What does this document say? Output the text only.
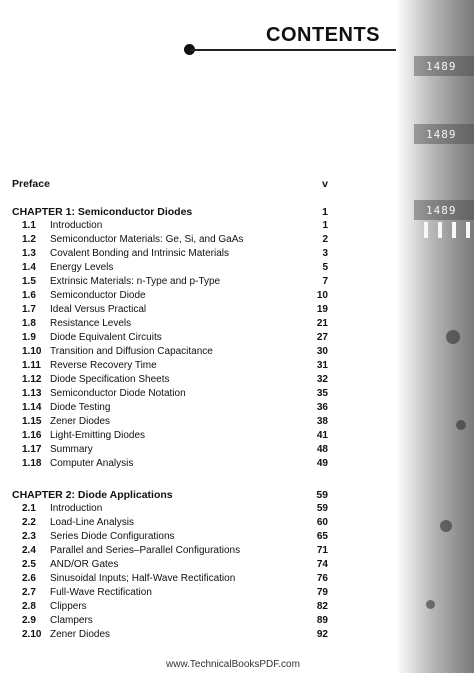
1489
1489
1489
CONTENTS
Preface	v
CHAPTER 1: Semiconductor Diodes	1
1.1	Introduction	1
1.2	Semiconductor Materials: Ge, Si, and GaAs	2
1.3	Covalent Bonding and Intrinsic Materials	3
1.4	Energy Levels	5
1.5	Extrinsic Materials: n-Type and p-Type	7
1.6	Semiconductor Diode	10
1.7	Ideal Versus Practical	19
1.8	Resistance Levels	21
1.9	Diode Equivalent Circuits	27
1.10 Transition and Diffusion Capacitance	30
1.11 Reverse Recovery Time	31
1.12 Diode Specification Sheets	32
1.13 Semiconductor Diode Notation	35
1.14 Diode Testing	36
1.15 Zener Diodes	38
1.16 Light-Emitting Diodes	41
1.17 Summary	48
1.18 Computer Analysis	49
CHAPTER 2: Diode Applications	59
2.1	Introduction	59
2.2	Load-Line Analysis	60
2.3	Series Diode Configurations	65
2.4	Parallel and Series–Parallel Configurations	71
2.5	AND/OR Gates	74
2.6	Sinusoidal Inputs; Half-Wave Rectification	76
2.7	Full-Wave Rectification	79
2.8	Clippers	82
2.9	Clampers	89
2.10 Zener Diodes	92
www.TechnicalBooksPDF.com
